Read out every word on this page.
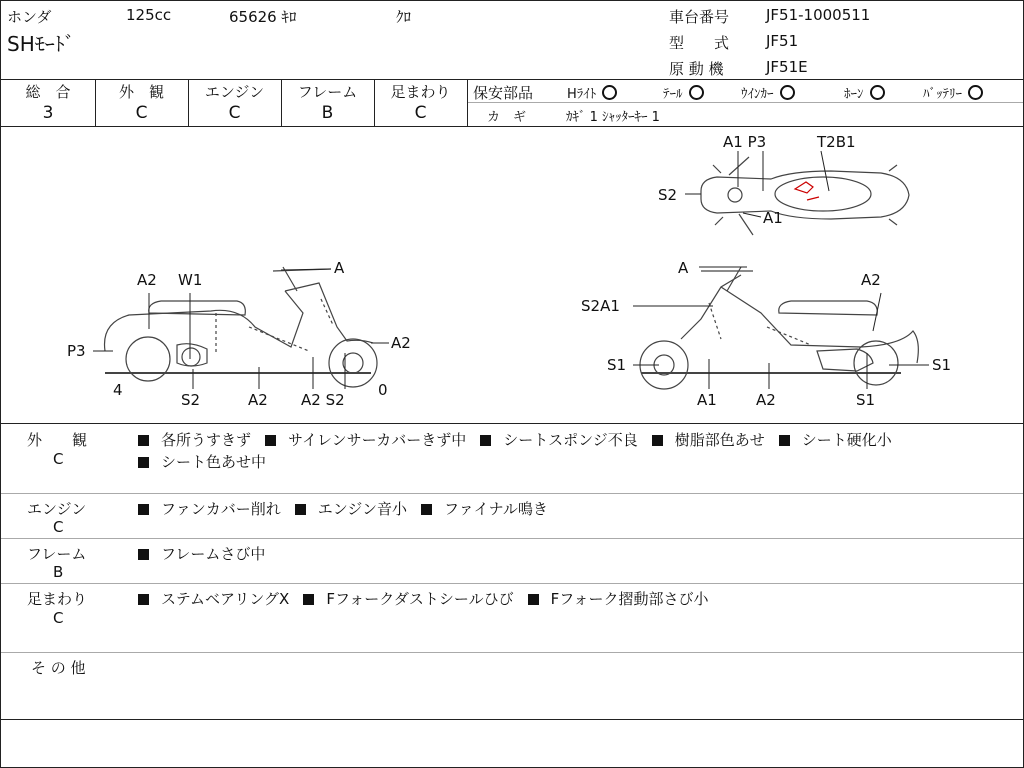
ホンダ	125cc	65626 ｷﾛ	ｸﾛ
SHﾓｰﾄﾞ
車台番号 JF51-1000511
型　　式 JF51
原 動 機	JF51E
総　合
3
外　観
C
エンジン
C
フレーム
B
足まわり
C
保安部品	Hﾗｲﾄ	ﾃｰﾙ	ｳｲﾝｶｰ	ﾎｰﾝ	ﾊﾞｯﾃﾘｰ
カ　ギ	ｶｷﾞ 1 ｼｬｯﾀｰｷｰ 1
A1 P3	T2B1
S2
A1
A
A2 W1
P3	A2
4
S2	A2 A2 S2
0
A
A2
S2A1
S1	S1
A1	A2	S1
外　　観
C
各所うすきず サイレンサーカバーきず中 シートスポンジ不良 樹脂部色あせ シート硬化小
シート色あせ中
エンジン
C
ファンカバー削れ エンジン音小 ファイナル鳴き
フレーム
B
フレームさび中
足まわり
C
ステムベアリングX Fフォークダストシールひび Fフォーク摺動部さび小
そ の 他
